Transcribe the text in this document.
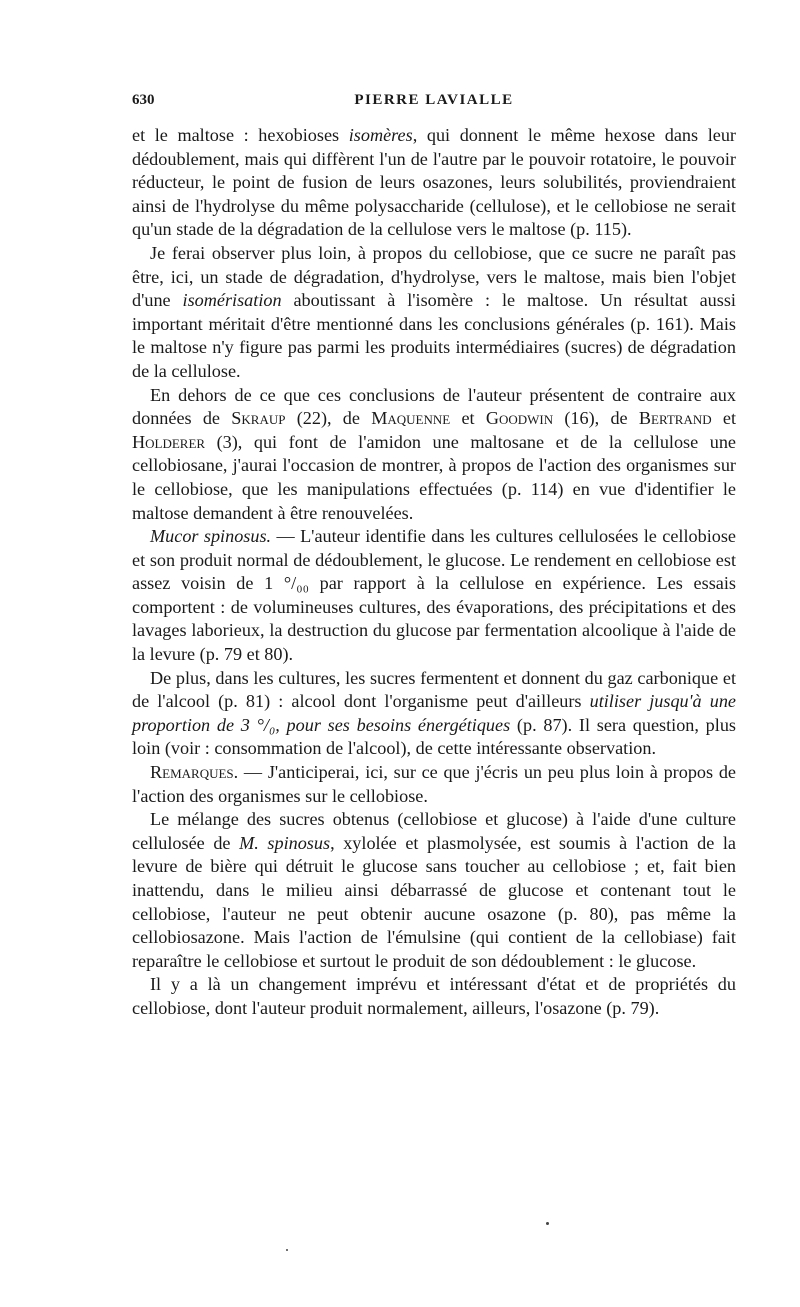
630	PIERRE LAVIALLE

et le maltose : hexobioses isomères, qui donnent le même hexose dans leur dédoublement, mais qui diffèrent l'un de l'autre par le pouvoir rotatoire, le pouvoir réducteur, le point de fusion de leurs osazones, leurs solubilités, proviendraient ainsi de l'hydrolyse du même polysaccharide (cellulose), et le cellobiose ne serait qu'un stade de la dégradation de la cellulose vers le maltose (p. 115).

Je ferai observer plus loin, à propos du cellobiose, que ce sucre ne paraît pas être, ici, un stade de dégradation, d'hydrolyse, vers le maltose, mais bien l'objet d'une isomérisation aboutissant à l'isomère : le maltose. Un résultat aussi important méritait d'être mentionné dans les conclusions générales (p. 161). Mais le maltose n'y figure pas parmi les produits intermédiaires (sucres) de dégradation de la cellulose.

En dehors de ce que ces conclusions de l'auteur présentent de contraire aux données de Skraup (22), de Maquenne et Goodwin (16), de Bertrand et Holderer (3), qui font de l'amidon une maltosane et de la cellulose une cellobiosane, j'aurai l'occasion de montrer, à propos de l'action des organismes sur le cellobiose, que les manipulations effectuées (p. 114) en vue d'identifier le maltose demandent à être renouvelées.

Mucor spinosus. — L'auteur identifie dans les cultures cellulosées le cellobiose et son produit normal de dédoublement, le glucose. Le rendement en cellobiose est assez voisin de 1 °/₀₀ par rapport à la cellulose en expérience. Les essais comportent : de volumineuses cultures, des évaporations, des précipitations et des lavages laborieux, la destruction du glucose par fermentation alcoolique à l'aide de la levure (p. 79 et 80).

De plus, dans les cultures, les sucres fermentent et donnent du gaz carbonique et de l'alcool (p. 81) : alcool dont l'organisme peut d'ailleurs utiliser jusqu'à une proportion de 3 °/₀, pour ses besoins énergétiques (p. 87). Il sera question, plus loin (voir : consommation de l'alcool), de cette intéressante observation.

Remarques. — J'anticiperai, ici, sur ce que j'écris un peu plus loin à propos de l'action des organismes sur le cellobiose.

Le mélange des sucres obtenus (cellobiose et glucose) à l'aide d'une culture cellulosée de M. spinosus, xylolée et plasmolysée, est soumis à l'action de la levure de bière qui détruit le glucose sans toucher au cellobiose ; et, fait bien inattendu, dans le milieu ainsi débarrassé de glucose et contenant tout le cellobiose, l'auteur ne peut obtenir aucune osazone (p. 80), pas même la cellobiosazone. Mais l'action de l'émulsine (qui contient de la cellobiase) fait reparaître le cellobiose et surtout le produit de son dédoublement : le glucose.

Il y a là un changement imprévu et intéressant d'état et de propriétés du cellobiose, dont l'auteur produit normalement, ailleurs, l'osazone (p. 79).
